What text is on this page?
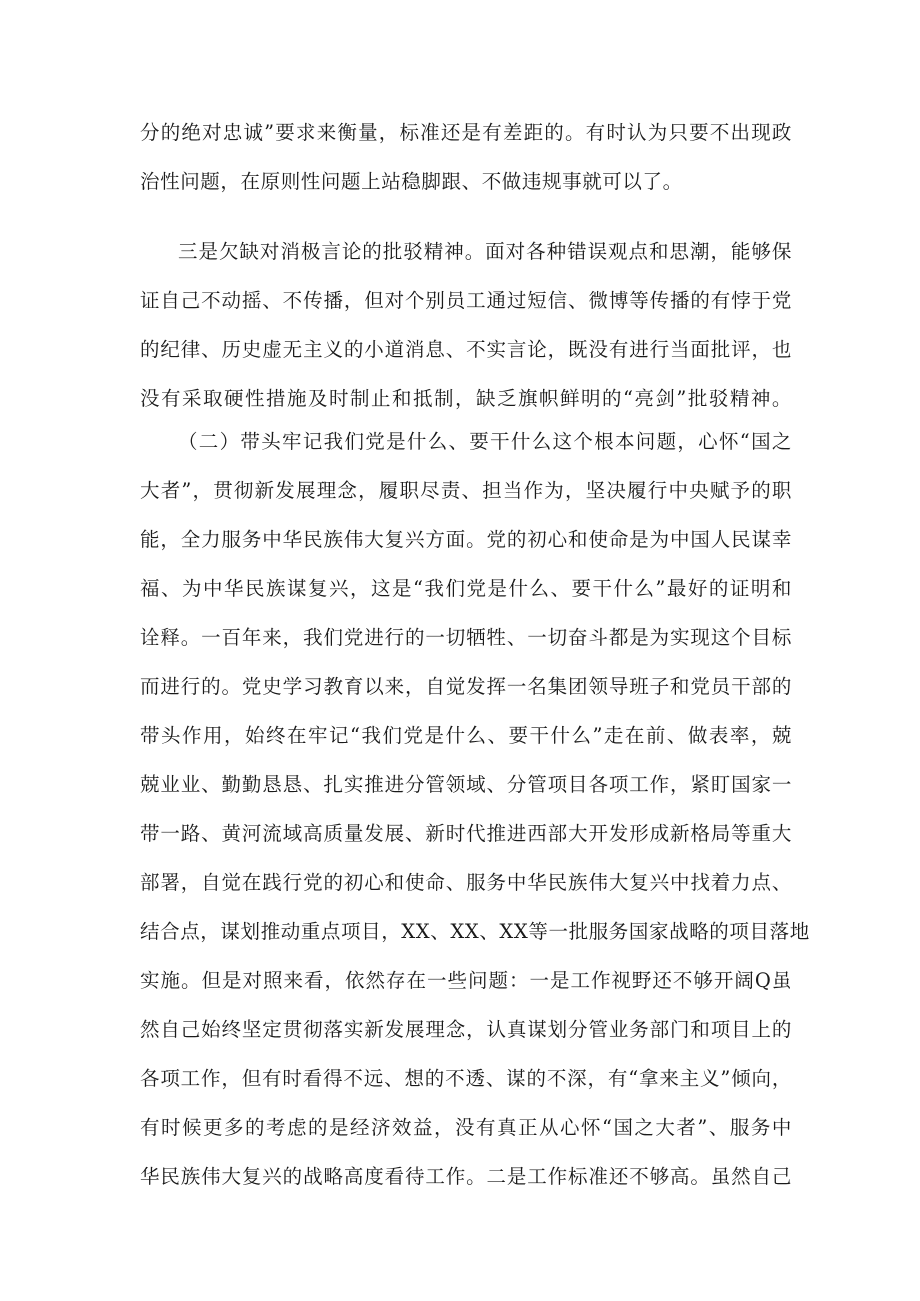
分的绝对忠诚”要求来衡量，标准还是有差距的。有时认为只要不出现政
治性问题，在原则性问题上站稳脚跟、不做违规事就可以了。
三是欠缺对消极言论的批驳精神。面对各种错误观点和思潮，能够保
证自己不动摇、不传播，但对个别员工通过短信、微博等传播的有悖于党
的纪律、历史虚无主义的小道消息、不实言论，既没有进行当面批评，也
没有采取硬性措施及时制止和抵制，缺乏旗帜鲜明的“亮剑”批驳精神。
（二）带头牢记我们党是什么、要干什么这个根本问题，心怀“国之
大者”，贯彻新发展理念，履职尽责、担当作为，坚决履行中央赋予的职
能，全力服务中华民族伟大复兴方面。党的初心和使命是为中国人民谋幸
福、为中华民族谋复兴，这是“我们党是什么、要干什么”最好的证明和
诠释。一百年来，我们党进行的一切牺牲、一切奋斗都是为实现这个目标
而进行的。党史学习教育以来，自觉发挥一名集团领导班子和党员干部的
带头作用，始终在牢记“我们党是什么、要干什么”走在前、做表率，兢
兢业业、勤勤恳恳、扎实推进分管领域、分管项目各项工作，紧盯国家一
带一路、黄河流域高质量发展、新时代推进西部大开发形成新格局等重大
部署，自觉在践行党的初心和使命、服务中华民族伟大复兴中找着力点、
结合点，谋划推动重点项目，XX、XX、XX等一批服务国家战略的项目落地
实施。但是对照来看，依然存在一些问题：一是工作视野还不够开阔Q虽
然自己始终坚定贯彻落实新发展理念，认真谋划分管业务部门和项目上的
各项工作，但有时看得不远、想的不透、谋的不深，有“拿来主义”倾向，
有时候更多的考虑的是经济效益，没有真正从心怀“国之大者”、服务中
华民族伟大复兴的战略高度看待工作。二是工作标准还不够高。虽然自己
